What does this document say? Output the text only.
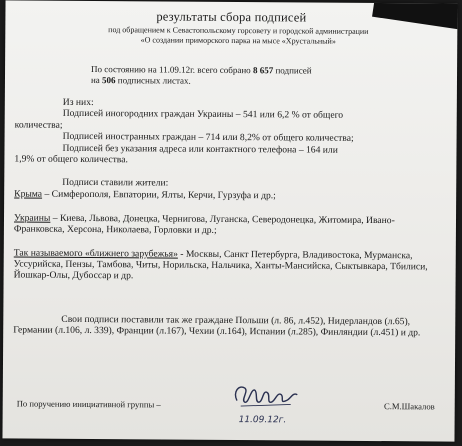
результаты сбора подписей
под обращением к Севастопольскому горсовету и городской администрации
«О создании приморского парка на мысе «Хрустальный»
По состоянию на 11.09.12г. всего собрано 8 657 подписей
на 506 подписных листах.
Из них:
Подписей иногородних граждан Украины – 541 или 6,2 % от общего
количества;
Подписей иностранных граждан – 714 или 8,2% от общего количества;
Подписей без указания адреса или контактного телефона – 164 или
1,9% от общего количества.
Подписи ставили жители:
Крыма – Симферополя, Евпатории, Ялты, Керчи, Гурзуфа и др.;
Украины – Киева, Львова, Донецка, Чернигова, Луганска, Северодонецка, Житомира, Ивано-Франковска, Херсона, Николаева, Горловки и др.;
Так называемого «ближнего зарубежья» - Москвы, Санкт Петербурга, Владивостока, Мурманска, Уссурийска, Пензы, Тамбова, Читы, Норильска, Нальчика, Ханты-Мансийска, Сыктывкара, Тбилиси, Йошкар-Олы, Дубоссар и др.
Свои подписи поставили так же граждане Польши (л. 86, л.452), Нидерландов (л.65), Германии (л.106, л. 339), Франции (л.167), Чехии (л.164), Испании (л.285), Финляндии (л.451) и др.
11.09.12г.
По поручению инициативной группы –	С.М.Шакалов
